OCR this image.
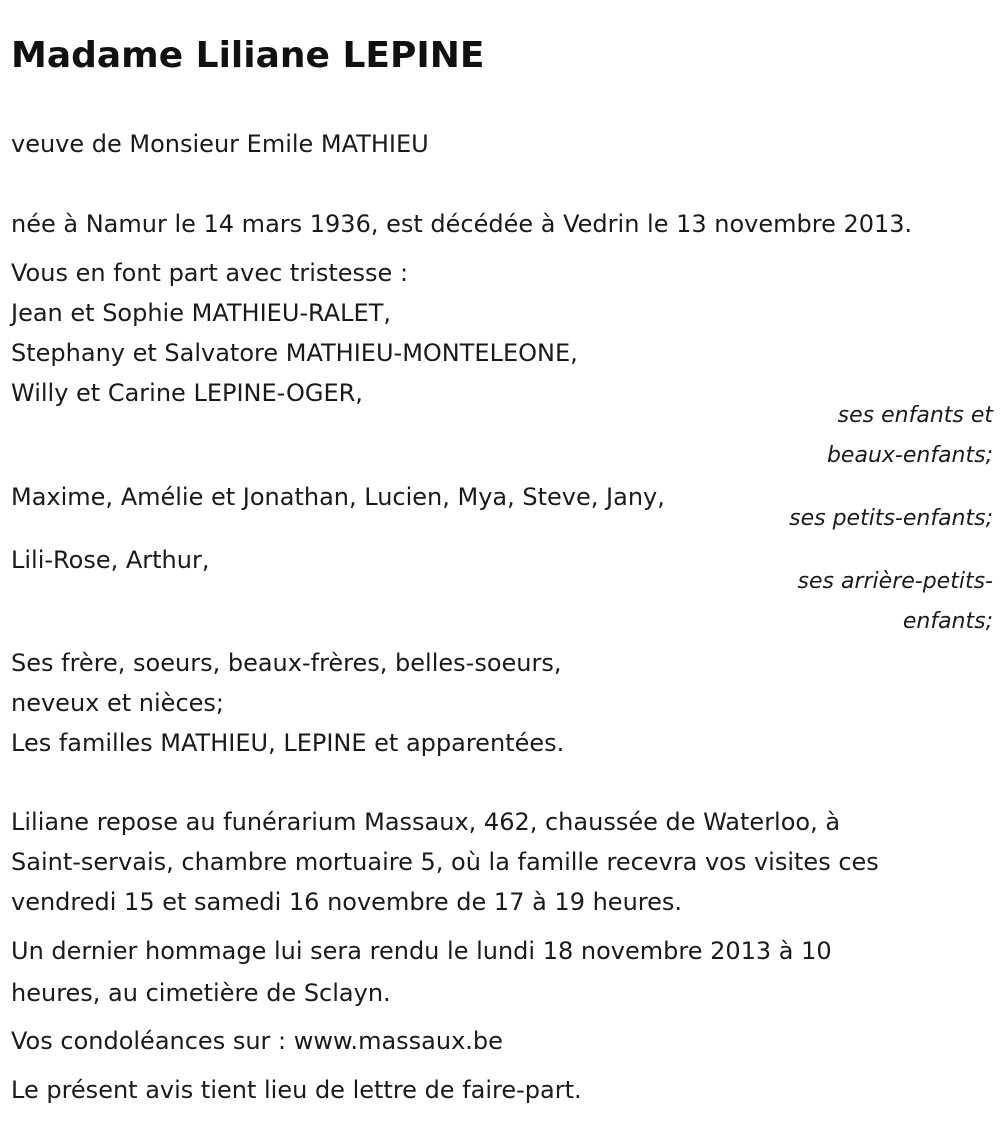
Madame Liliane LEPINE
veuve de Monsieur Emile MATHIEU
née à Namur le 14 mars 1936, est décédée à Vedrin le 13 novembre 2013.
Vous en font part avec tristesse :
Jean et Sophie MATHIEU-RALET,
Stephany et Salvatore MATHIEU-MONTELEONE,
Willy et Carine LEPINE-OGER,
ses enfants et
beaux-enfants;
Maxime, Amélie et Jonathan, Lucien, Mya, Steve, Jany,
ses petits-enfants;
Lili-Rose, Arthur,
ses arrière-petits-
enfants;
Ses frère, soeurs, beaux-frères, belles-soeurs,
neveux et nièces;
Les familles MATHIEU, LEPINE et apparentées.
Liliane repose au funérarium Massaux, 462, chaussée de Waterloo, à
Saint-servais, chambre mortuaire 5, où la famille recevra vos visites ces
vendredi 15 et samedi 16 novembre de 17 à 19 heures.
Un dernier hommage lui sera rendu le lundi 18 novembre 2013 à 10
heures, au cimetière de Sclayn.
Vos condoléances sur : www.massaux.be
Le présent avis tient lieu de lettre de faire-part.
